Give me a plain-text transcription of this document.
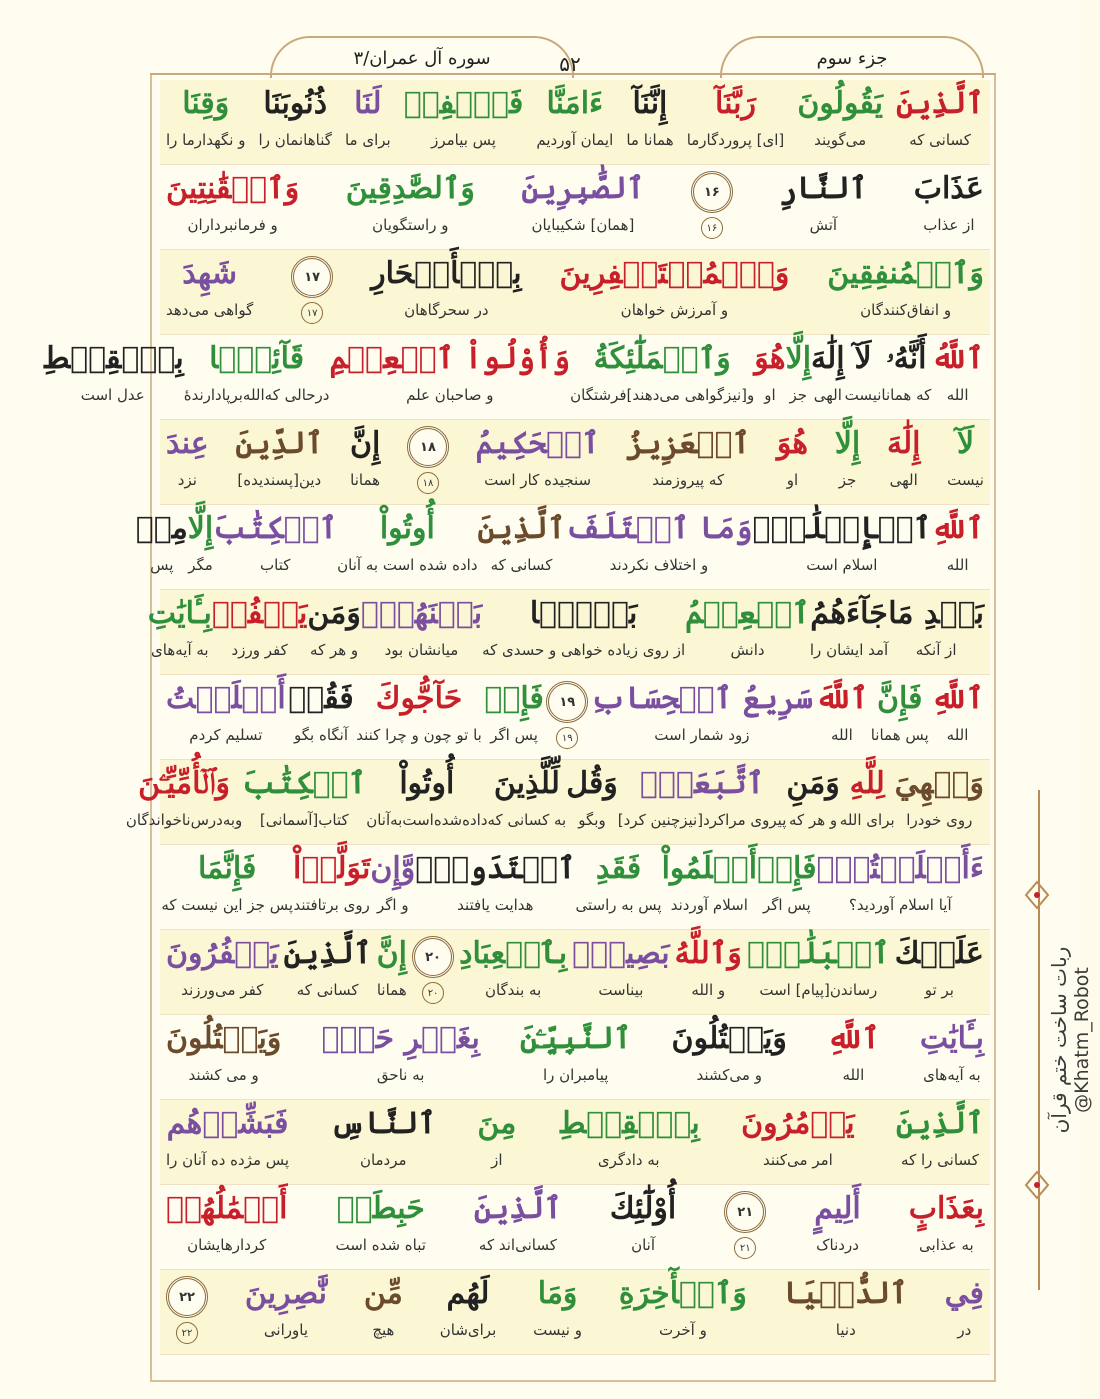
سوره آل عمران/۳	۵۲	جزء سوم
ٱلَّذِينَ
کسانی که
يَقُولُونَ
می‌گویند
رَبَّنَآ
[ای] پروردگارما
إِنَّنَآ
همانا ما
ءَامَنَّا
ایمان آوردیم
فَٱغۡفِرۡ
پس بیامرز
لَنَا
برای ما
ذُنُوبَنَا
گناهانمان را
وَقِنَا
و نگهدارما را
عَذَابَ
از عذاب
ٱلنَّارِ
آتش
۱۶
۱۶
ٱلصَّٰبِرِينَ
[همان] شکیبایان
وَٱلصَّٰدِقِينَ
و راستگویان
وَٱلۡقَٰنِتِينَ
و فرمانبرداران
وَٱلۡمُنفِقِينَ
و انفاق‌کنندگان
وَٱلۡمُسۡتَغۡفِرِينَ
و آمرزش خواهان
بِٱلۡأَسۡحَارِ
در سحرگاهان
۱۷
۱۷
شَهِدَ
گواهی می‌دهد
ٱللَّهُ
الله
أَنَّهُۥ
که همانا
لَآ
نیست
إِلَٰهَ
الهی
إِلَّا
جز
هُوَ
او
وَٱلۡمَلَٰٓئِكَةُ
و[نیزگواهی می‌دهند]فرشتگان
وَأُوْلُواْ ٱلۡعِلۡمِ
و صاحبان علم
قَآئِمَۢا
درحالی که‌الله‌برپادارندۀ
بِٱلۡقِسۡطِ
عدل است
لَآ
نیست
إِلَٰهَ
الهی
إِلَّا
جز
هُوَ
او
ٱلۡعَزِيزُ
که پیروزمند
ٱلۡحَكِيمُ
سنجیده کار است
۱۸
۱۸
إِنَّ
همانا
ٱلدِّينَ
دین[پسندیده]
عِندَ
نزد
ٱللَّهِ
الله
ٱلۡإِسۡلَٰمُۗ
اسلام است
وَمَا ٱخۡتَلَفَ
و اختلاف نکردند
ٱلَّذِينَ
کسانی که
أُوتُواْ
داده شده است به آنان
ٱلۡكِتَٰبَ
کتاب
إِلَّا
مگر
مِنۢ
پس
بَعۡدِ مَا
از آنکه
جَآءَهُمُ
آمد ایشان را
ٱلۡعِلۡمُ
دانش
بَغۡيَۢا
از روی زیاده خواهی و حسدی که
بَيۡنَهُمۡۗ
میانشان بود
وَمَن
و هر که
يَكۡفُرۡ
کفر ورزد
بِـَٔايَٰتِ
به آیه‌های
ٱللَّهِ
الله
فَإِنَّ
پس همانا
ٱللَّهَ
الله
سَرِيعُ ٱلۡحِسَابِ
زود شمار است
۱۹
۱۹
فَإِنۡ
پس اگر
حَآجُّوكَ
با تو چون و چرا کنند
فَقُلۡ
آنگاه بگو
أَسۡلَمۡتُ
تسلیم کردم
وَجۡهِيَ
روی خودرا
لِلَّهِ
برای الله
وَمَنِ
و هر که
ٱتَّبَعَنِۗ
پیروی مراکرد[نیزچنین کرد]
وَقُل
وبگو
لِّلَّذِينَ
به کسانی که
أُوتُواْ
داده‌شده‌است‌به‌آنان
ٱلۡكِتَٰبَ
کتاب[آسمانی]
وَٱلۡأُمِّيِّـۧنَ
وبه‌درس‌ناخواندگان
ءَأَسۡلَمۡتُمۡۚ
آیا اسلام آوردید؟
فَإِنۡ
پس اگر
أَسۡلَمُواْ
اسلام آوردند
فَقَدِ
پس به راستی
ٱهۡتَدَواْۖ
هدایت یافتند
وَّإِن
و اگر
تَوَلَّوۡاْ
روی برتافتند
فَإِنَّمَا
پس جز این نیست که
عَلَيۡكَ
بر تو
ٱلۡبَلَٰغُۗ
رساندن[پیام] است
وَٱللَّهُ
و الله
بَصِيرُۢ
بیناست
بِٱلۡعِبَادِ
به بندگان
۲۰
۲۰
إِنَّ
همانا
ٱلَّذِينَ
کسانی که
يَكۡفُرُونَ
کفر می‌ورزند
بِـَٔايَٰتِ
به آیه‌های
ٱللَّهِ
الله
وَيَقۡتُلُونَ
و می‌کشند
ٱلنَّبِيِّـۧنَ
پیامبران را
بِغَيۡرِ حَقّٖ
به ناحق
وَيَقۡتُلُونَ
و می کشند
ٱلَّذِينَ
کسانی را که
يَأۡمُرُونَ
امر می‌کنند
بِٱلۡقِسۡطِ
به دادگری
مِنَ
از
ٱلنَّاسِ
مردمان
فَبَشِّرۡهُم
پس مژده ده آنان را
بِعَذَابٍ
به عذابی
أَلِيمٍ
دردناک
۲۱
۲۱
أُوْلَٰٓئِكَ
آنان
ٱلَّذِينَ
کسانی‌اند که
حَبِطَتۡ
تباه شده است
أَعۡمَٰلُهُمۡ
کردارهایشان
فِي
در
ٱلدُّنۡيَا
دنیا
وَٱلۡأٓخِرَةِ
و آخرت
وَمَا
و نیست
لَهُم
برای‌شان
مِّن
هیچ
نَّٰصِرِينَ
یاورانی
۲۲
۲۲
ربات ساخت ختم قرآن @Khatm_Robot
